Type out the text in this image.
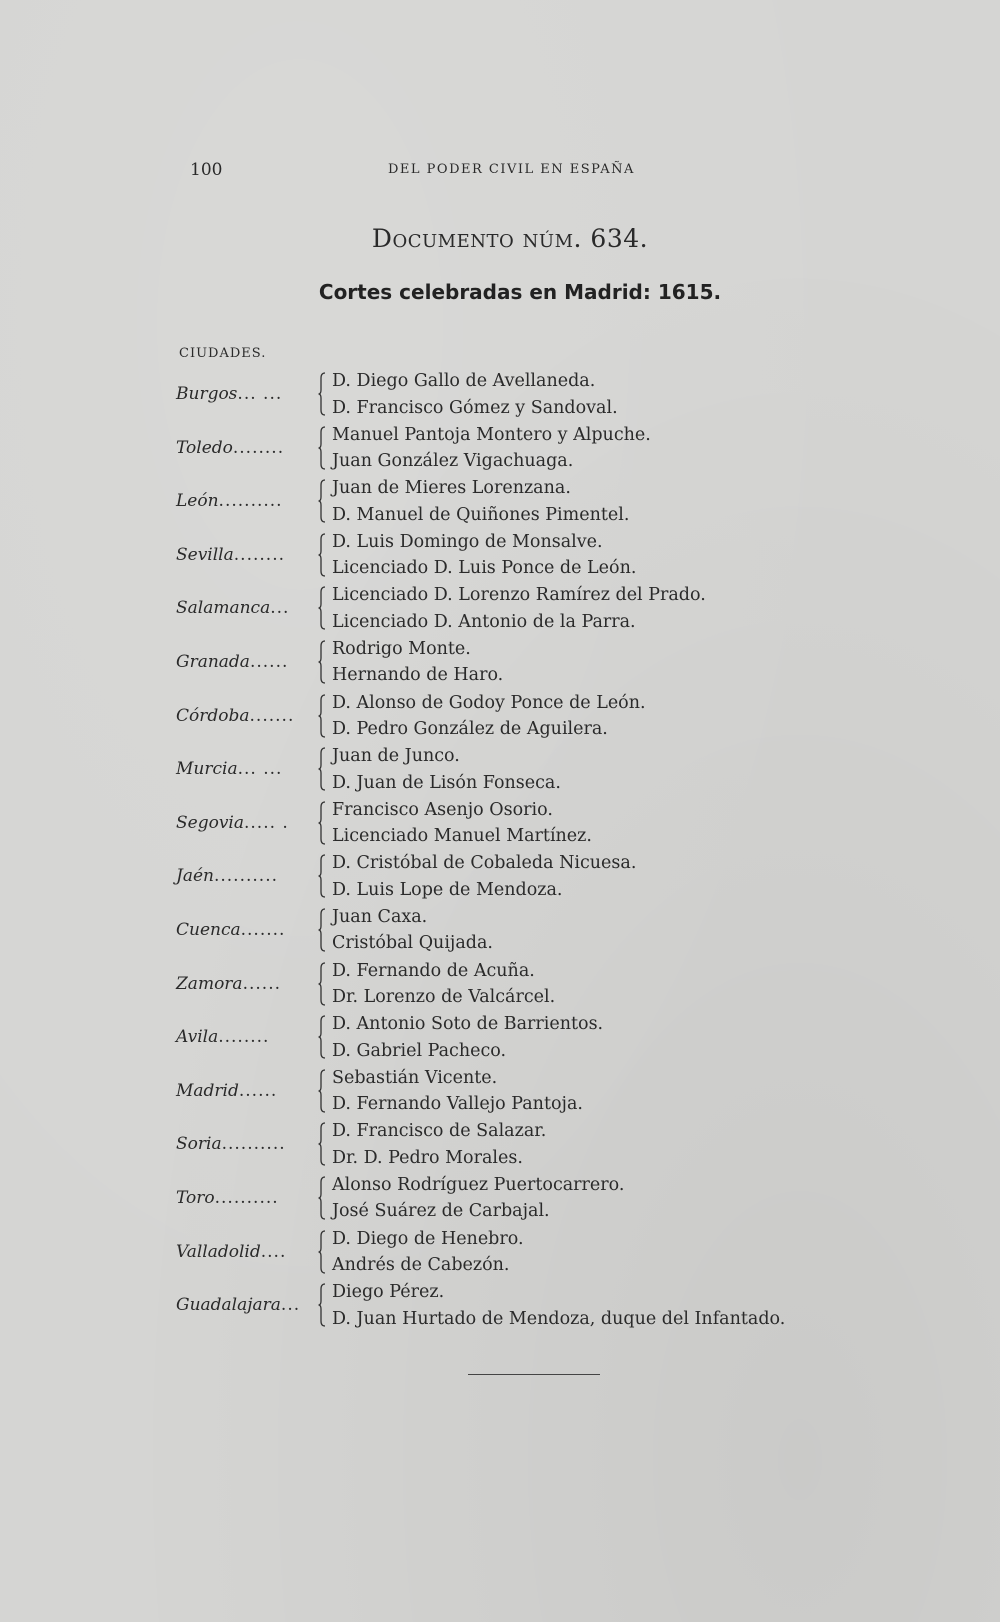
100	DEL PODER CIVIL EN ESPAÑA
Documento núm. 634.
Cortes celebradas en Madrid: 1615.
CIUDADES.
Burgos... ...
D. Diego Gallo de Avellaneda.
D. Francisco Gómez y Sandoval.
Toledo........
Manuel Pantoja Montero y Alpuche.
Juan González Vigachuaga.
León..........
Juan de Mieres Lorenzana.
D. Manuel de Quiñones Pimentel.
Sevilla........
D. Luis Domingo de Monsalve.
Licenciado D. Luis Ponce de León.
Salamanca...
Licenciado D. Lorenzo Ramírez del Prado.
Licenciado D. Antonio de la Parra.
Granada......
Rodrigo Monte.
Hernando de Haro.
Córdoba.......
D. Alonso de Godoy Ponce de León.
D. Pedro González de Aguilera.
Murcia... ...
Juan de Junco.
D. Juan de Lisón Fonseca.
Segovia..... .
Francisco Asenjo Osorio.
Licenciado Manuel Martínez.
Jaén..........
D. Cristóbal de Cobaleda Nicuesa.
D. Luis Lope de Mendoza.
Cuenca.......
Juan Caxa.
Cristóbal Quijada.
Zamora......
D. Fernando de Acuña.
Dr. Lorenzo de Valcárcel.
Avila........
D. Antonio Soto de Barrientos.
D. Gabriel Pacheco.
Madrid......
Sebastián Vicente.
D. Fernando Vallejo Pantoja.
Soria..........
D. Francisco de Salazar.
Dr. D. Pedro Morales.
Toro..........
Alonso Rodríguez Puertocarrero.
José Suárez de Carbajal.
Valladolid....
D. Diego de Henebro.
Andrés de Cabezón.
Guadalajara...
Diego Pérez.
D. Juan Hurtado de Mendoza, duque del Infantado.
